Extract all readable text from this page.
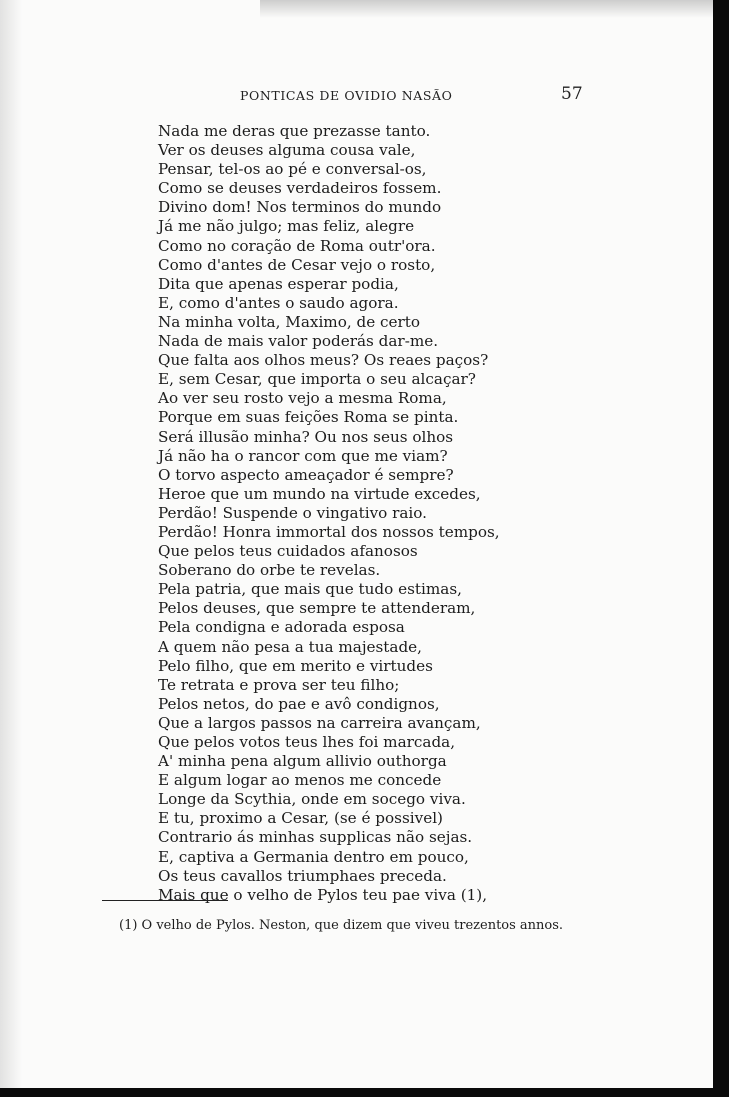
PONTICAS DE OVIDIO NASÃO	57
Nada me deras que prezasse tanto.
Ver os deuses alguma cousa vale,
Pensar, tel-os ao pé e conversal-os,
Como se deuses verdadeiros fossem.
Divino dom! Nos terminos do mundo
Já me não julgo; mas feliz, alegre
Como no coração de Roma outr'ora.
Como d'antes de Cesar vejo o rosto,
Dita que apenas esperar podia,
E, como d'antes o saudo agora.
Na minha volta, Maximo, de certo
Nada de mais valor poderás dar-me.
Que falta aos olhos meus? Os reaes paços?
E, sem Cesar, que importa o seu alcaçar?
Ao ver seu rosto vejo a mesma Roma,
Porque em suas feições Roma se pinta.
Será illusão minha? Ou nos seus olhos
Já não ha o rancor com que me viam?
O torvo aspecto ameaçador é sempre?
Heroe que um mundo na virtude excedes,
Perdão! Suspende o vingativo raio.
Perdão! Honra immortal dos nossos tempos,
Que pelos teus cuidados afanosos
Soberano do orbe te revelas.
Pela patria, que mais que tudo estimas,
Pelos deuses, que sempre te attenderam,
Pela condigna e adorada esposa
A quem não pesa a tua majestade,
Pelo filho, que em merito e virtudes
Te retrata e prova ser teu filho;
Pelos netos, do pae e avô condignos,
Que a largos passos na carreira avançam,
Que pelos votos teus lhes foi marcada,
A' minha pena algum allivio outhorga
E algum logar ao menos me concede
Longe da Scythia, onde em socego viva.
E tu, proximo a Cesar, (se é possivel)
Contrario ás minhas supplicas não sejas.
E, captiva a Germania dentro em pouco,
Os teus cavallos triumphaes preceda.
Mais que o velho de Pylos teu pae viva (1),
(1) O velho de Pylos. Neston, que dizem que viveu trezentos annos.
